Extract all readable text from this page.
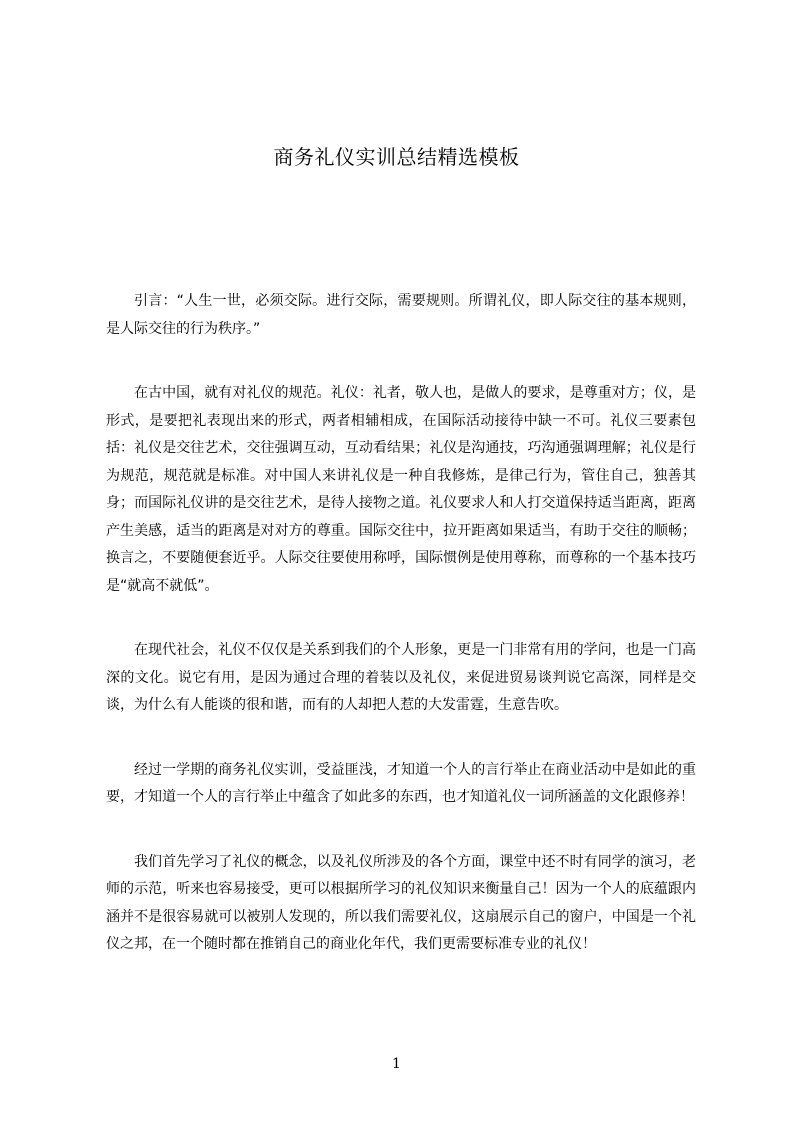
商务礼仪实训总结精选模板

引言：“人生一世，必须交际。进行交际，需要规则。所谓礼仪，即人际交往的基本规则，是人际交往的行为秩序。”

在古中国，就有对礼仪的规范。礼仪：礼者，敬人也，是做人的要求，是尊重对方；仪，是形式，是要把礼表现出来的形式，两者相辅相成，在国际活动接待中缺一不可。礼仪三要素包括：礼仪是交往艺术，交往强调互动，互动看结果；礼仪是沟通技，巧沟通强调理解；礼仪是行为规范，规范就是标准。对中国人来讲礼仪是一种自我修炼，是律己行为，管住自己，独善其身；而国际礼仪讲的是交往艺术，是待人接物之道。礼仪要求人和人打交道保持适当距离，距离产生美感，适当的距离是对对方的尊重。国际交往中，拉开距离如果适当，有助于交往的顺畅；换言之，不要随便套近乎。人际交往要使用称呼，国际惯例是使用尊称，而尊称的一个基本技巧是“就高不就低”。

在现代社会，礼仪不仅仅是关系到我们的个人形象，更是一门非常有用的学问，也是一门高深的文化。说它有用，是因为通过合理的着装以及礼仪，来促进贸易谈判说它高深，同样是交谈，为什么有人能谈的很和谐，而有的人却把人惹的大发雷霆，生意告吹。

经过一学期的商务礼仪实训，受益匪浅，才知道一个人的言行举止在商业活动中是如此的重要，才知道一个人的言行举止中蕴含了如此多的东西，也才知道礼仪一词所涵盖的文化跟修养！

我们首先学习了礼仪的概念，以及礼仪所涉及的各个方面，课堂中还不时有同学的演习，老师的示范，听来也容易接受，更可以根据所学习的礼仪知识来衡量自己！因为一个人的底蕴跟内涵并不是很容易就可以被别人发现的，所以我们需要礼仪，这扇展示自己的窗户，中国是一个礼仪之邦，在一个随时都在推销自己的商业化年代，我们更需要标准专业的礼仪！

1
